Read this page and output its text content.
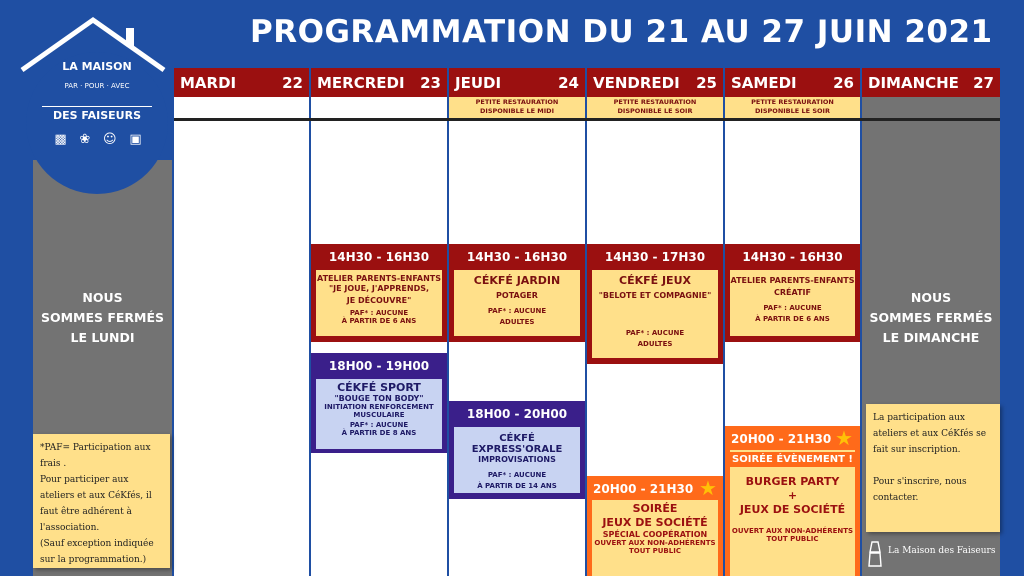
PROGRAMMATION DU 21 AU 27 JUIN 2021
LA MAISON
PAR · POUR · AVEC
DES FAISEURS
▩ ❀ ☺ ▣
MARDI	22 MERCREDI 23 JEUDI	24 VENDREDI 25 SAMEDI 26 DIMANCHE 27
PETITE RESTAURATION
DISPONIBLE LE MIDI
PETITE RESTAURATION
DISPONIBLE LE SOIR
PETITE RESTAURATION
DISPONIBLE LE SOIR
NOUS
SOMMES FERMÉS
LE LUNDI
NOUS
SOMMES FERMÉS
LE DIMANCHE
14H30 - 16H30
ATELIER PARENTS-ENFANTS
"JE JOUE, J'APPRENDS,
JE DÉCOUVRE"
PAF* : AUCUNE
À PARTIR DE 6 ANS
18H00 - 19H00
CÉKFÉ SPORT
"BOUGE TON BODY"
INITIATION RENFORCEMENT
MUSCULAIRE
PAF* : AUCUNE
À PARTIR DE 8 ANS
14H30 - 16H30
CÉKFÉ JARDIN
POTAGER
PAF* : AUCUNE
ADULTES
18H00 - 20H00
CÉKFÉ EXPRESS'ORALE
IMPROVISATIONS
PAF* : AUCUNE
À PARTIR DE 14 ANS
14H30 - 17H30
CÉKFÉ JEUX
"BELOTE ET COMPAGNIE"
PAF* : AUCUNE
ADULTES
20H00 - 21H30
SOIRÉE
JEUX DE SOCIÉTÉ
SPÉCIAL COOPÉRATION
OUVERT AUX NON-ADHÉRENTS
TOUT PUBLIC
★
14H30 - 16H30
ATELIER PARENTS-ENFANTS
CRÉATIF
PAF* : AUCUNE
À PARTIR DE 6 ANS
20H00 - 21H30
SOIRÉE ÉVÈNEMENT !
BURGER PARTY
+
JEUX DE SOCIÉTÉ
OUVERT AUX NON-ADHÉRENTS
TOUT PUBLIC
★
*PAF= Participation aux frais .
Pour participer aux ateliers et aux CéKfés, il faut être adhérent à l'association.
(Sauf exception indiquée sur la programmation.)
La participation aux ateliers et aux CéKfés se fait sur inscription.

Pour s'inscrire, nous contacter.
La Maison des Faiseurs
